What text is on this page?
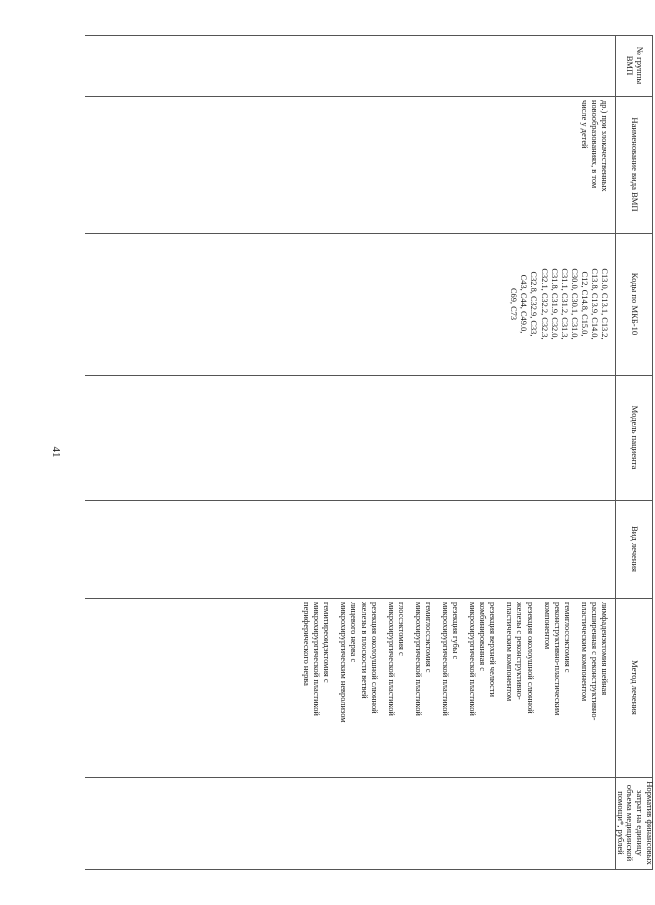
41
№ группы ВМП
Наименование вида ВМП
Коды по МКБ-10
Модель пациента
Вид лечения
Метод лечения
Норматив финансовых затрат на единицу объема медицинской помощи*, рублей
др.) при злокачественных
новообразованиях, в том
числе у детей
C13.0, C13.1, C13.2,
C13.8, C13.9, C14.0,
C12, C14.8, C15.0,
C30.0, C30.1, C31.0,
C31.1, C31.2, C31.3,
C31.8, C31.9, C32.0,
C32.1, C32.2, C32.3,
C32.8, C32.9, C33,
C43, C44, C49.0,
C69, C73
лимфаденэктомия шейная
расширенная с реконструктивно-
пластическим компонентом
гемиглоссэктомия с
реконструктивно-пластическим
компонентом
резекция околоушной слюнной
железы с реконструктивно-
пластическим компонентом
резекция верхней челюсти
комбинированная с
микрохирургической пластикой
резекция губы с
микрохирургической пластикой
гемиглоссэктомия с
микрохирургической пластикой
глоссэктомия с
микрохирургической пластикой
резекция околоушной слюнной
железы в плоскости ветвей
лицевого нерва с
микрохирургическим невролизом
гемитиреоидэктомия с
микрохирургической пластикой
периферического нерва
